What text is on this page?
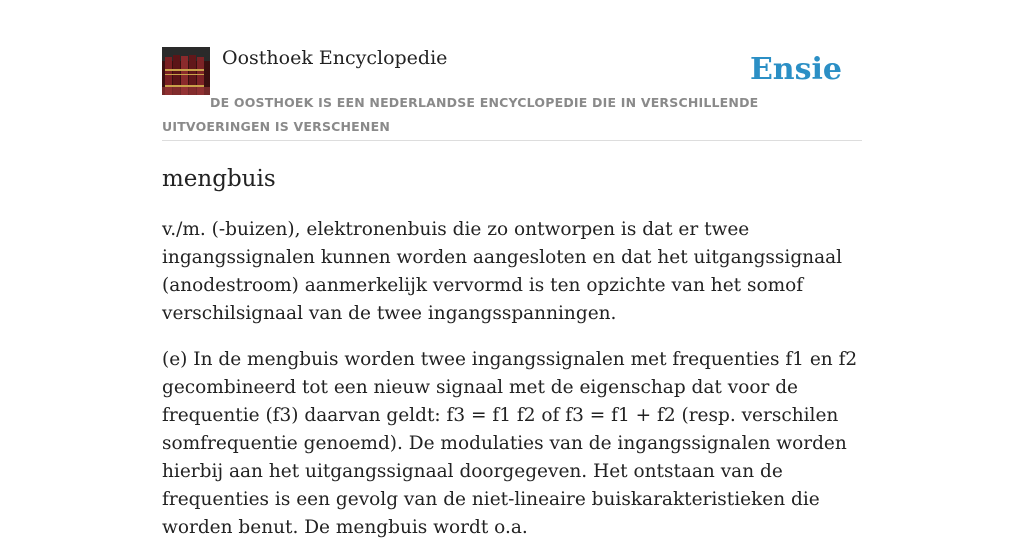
Oosthoek Encyclopedie	Ensie
DE OOSTHOEK IS EEN NEDERLANDSE ENCYCLOPEDIE DIE IN VERSCHILLENDE UITVOERINGEN IS VERSCHENEN
mengbuis

v./m. (-buizen), elektronenbuis die zo ontworpen is dat er twee ingangssignalen kunnen worden aangesloten en dat het uitgangssignaal (anodestroom) aanmerkelijk vervormd is ten opzichte van het somof verschilsignaal van de twee ingangsspanningen.

(e) In de mengbuis worden twee ingangssignalen met frequenties f1 en f2 gecombineerd tot een nieuw signaal met de eigenschap dat voor de frequentie (f3) daarvan geldt: f3 = f1 f2 of f3 = f1 + f2 (resp. verschilen somfrequentie genoemd). De modulaties van de ingangssignalen worden hierbij aan het uitgangssignaal doorgegeven. Het ontstaan van de frequenties is een gevolg van de niet-lineaire buiskarakteristieken die worden benut. De mengbuis wordt o.a.
